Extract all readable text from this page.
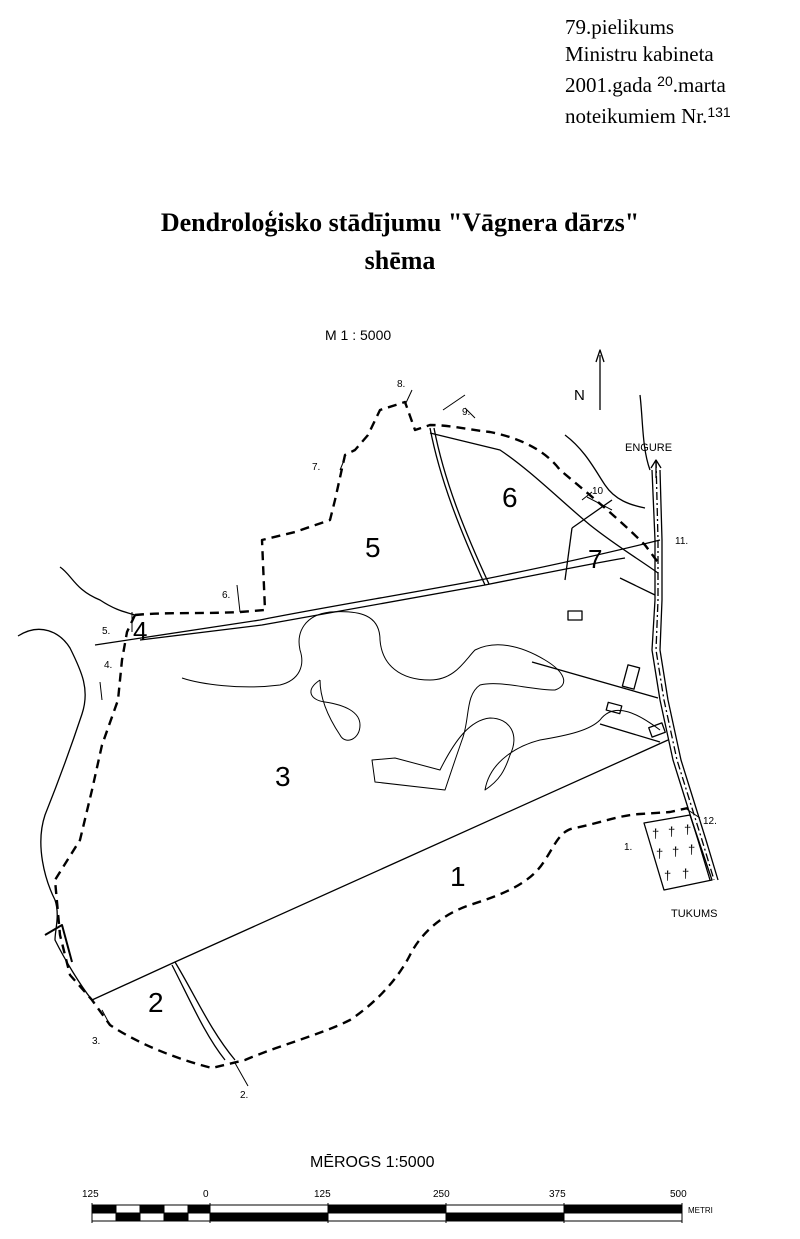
79.pielikums
Ministru kabineta
2001.gada $^{20}$.marta
noteikumiem Nr.$^{131}$
Dendroloģisko stādījumu "Vāgnera dārzs"
shēma
M 1 : 5000
N
ENGURE
TUKUMS
1
2
3
4
5
6
7
1.
2.
3.
4.
5.
6.
7.
8.
9.
10
11.
12.
† † †
† † †
† †
MĒROGS 1:5000
125	0	125	250	375	500
METRI
